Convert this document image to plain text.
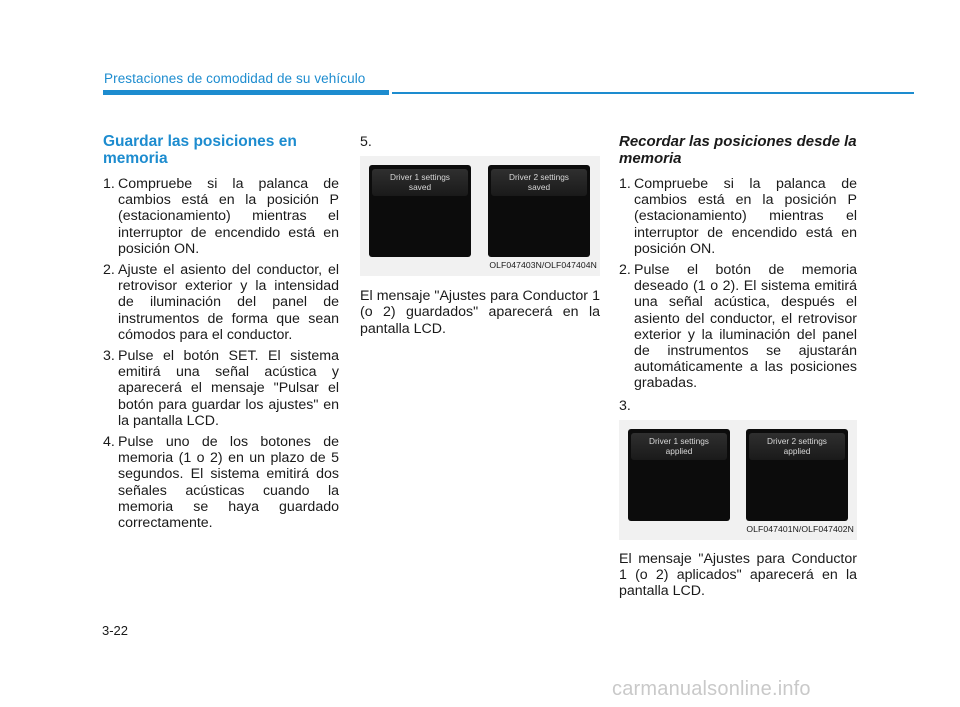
Prestaciones de comodidad de su vehículo
Guardar las posiciones en memoria
1. Compruebe si la palanca de cambios está en la posición P (estacionamiento) mientras el interruptor de encendido está en posición ON.
2. Ajuste el asiento del conductor, el retrovisor exterior y la intensidad de iluminación del panel de instrumentos de forma que sean cómodos para el conductor.
3. Pulse el botón SET. El sistema emitirá una señal acústica y aparecerá el mensaje "Pulsar el botón para guardar los ajustes" en la pantalla LCD.
4. Pulse uno de los botones de memoria (1 o 2) en un plazo de 5 segundos. El sistema emitirá dos señales acústicas cuando la memoria se haya guardado correctamente.
5.
Driver 1 settings
saved
Driver 2 settings
saved
OLF047403N/OLF047404N

El mensaje "Ajustes para Conductor 1 (o 2) guardados" aparecerá en la pantalla LCD.

Recordar las posiciones desde la memoria
1. Compruebe si la palanca de cambios está en la posición P (estacionamiento) mientras el interruptor de encendido está en posición ON.
2. Pulse el botón de memoria deseado (1 o 2). El sistema emitirá una señal acústica, después el asiento del conductor, el retrovisor exterior y la iluminación del panel de instrumentos se ajustarán automáticamente a las posiciones grabadas.
3.
Driver 1 settings
applied
Driver 2 settings
applied
OLF047401N/OLF047402N

El mensaje "Ajustes para Conductor 1 (o 2) aplicados" aparecerá en la pantalla LCD.

3-22
carmanualsonline.info
